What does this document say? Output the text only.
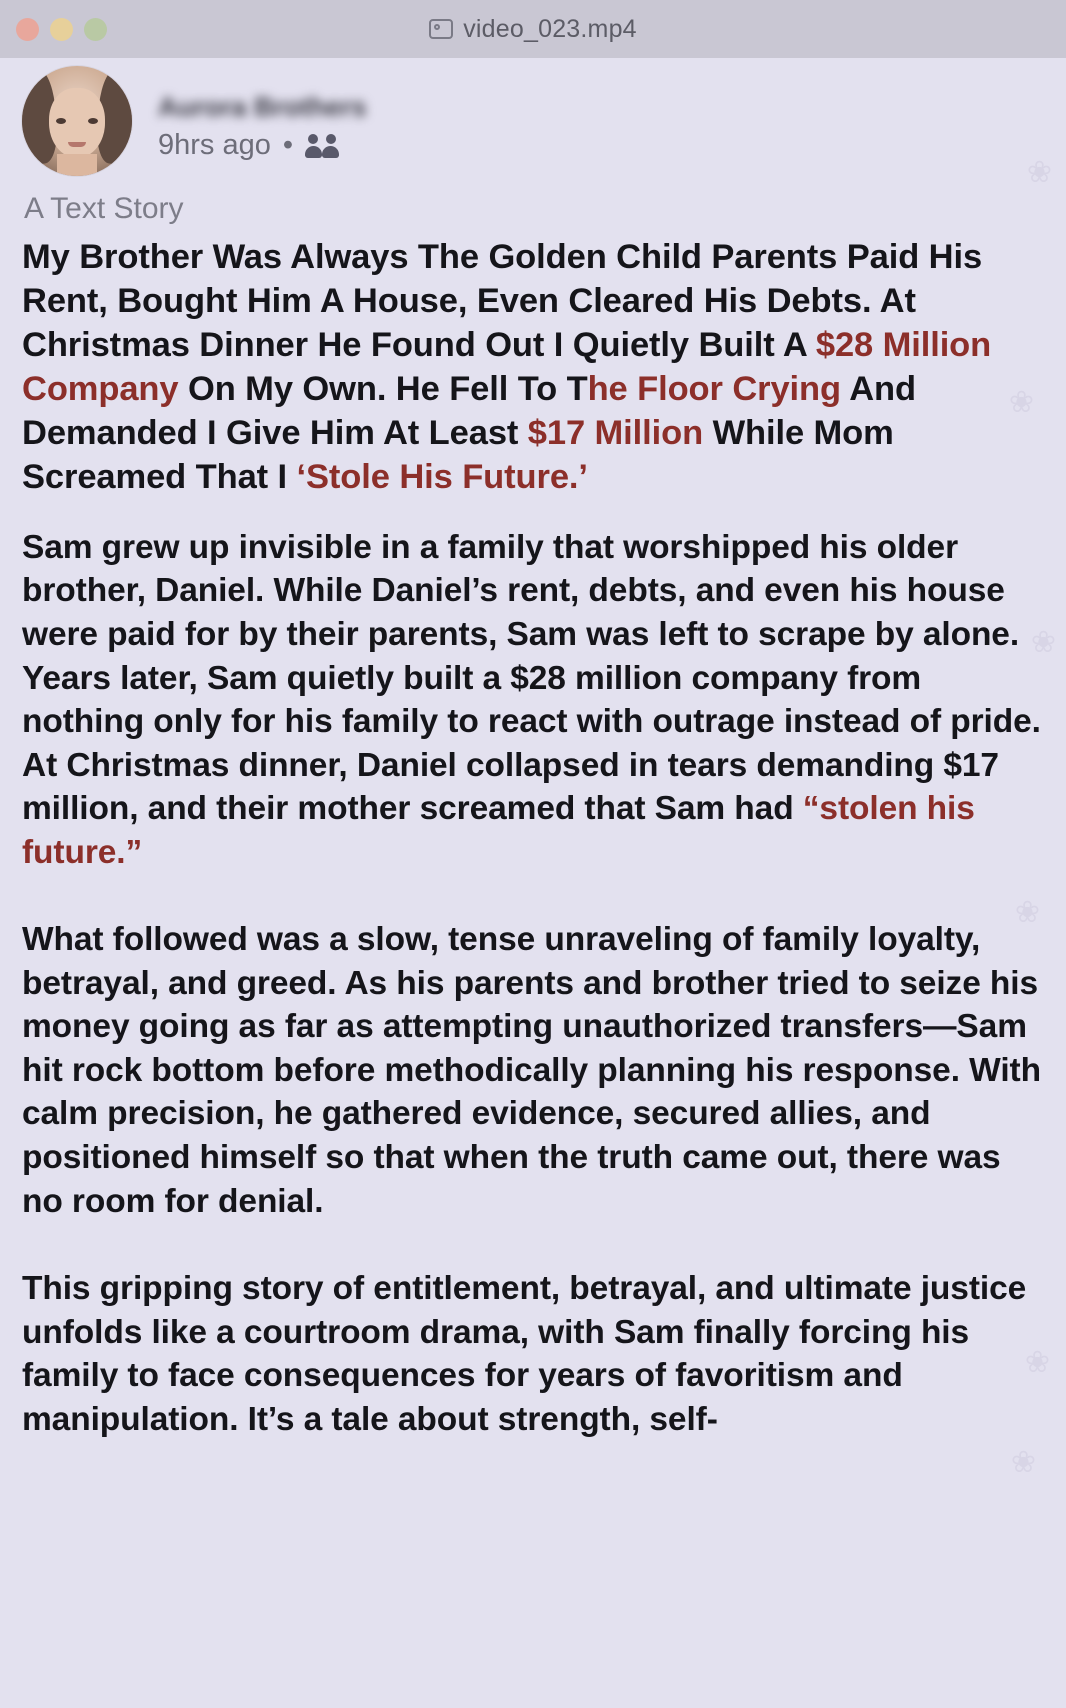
video_023.mp4
❀
❀
❀
❀
❀
❀
Aurora Brothers
9hrs ago •
A Text Story
My Brother Was Always The Golden Child Parents Paid His Rent, Bought Him A House, Even Cleared His Debts. At Christmas Dinner He Found Out I Quietly Built A $28 Million Company On My Own. He Fell To The Floor Crying And Demanded I Give Him At Least $17 Million While Mom Screamed That I ‘Stole His Future.’

Sam grew up invisible in a family that worshipped his older brother, Daniel. While Daniel’s rent, debts, and even his house were paid for by their parents, Sam was left to scrape by alone. Years later, Sam quietly built a $28 million company from nothing only for his family to react with outrage instead of pride. At Christmas dinner, Daniel collapsed in tears demanding $17 million, and their mother screamed that Sam had “stolen his future.”

What followed was a slow, tense unraveling of family loyalty, betrayal, and greed. As his parents and brother tried to seize his money going as far as attempting unauthorized transfers—Sam hit rock bottom before methodically planning his response. With calm precision, he gathered evidence, secured allies, and positioned himself so that when the truth came out, there was no room for denial.

This gripping story of entitlement, betrayal, and ultimate justice unfolds like a courtroom drama, with Sam finally forcing his family to face consequences for years of favoritism and manipulation. It’s a tale about strength, self-
